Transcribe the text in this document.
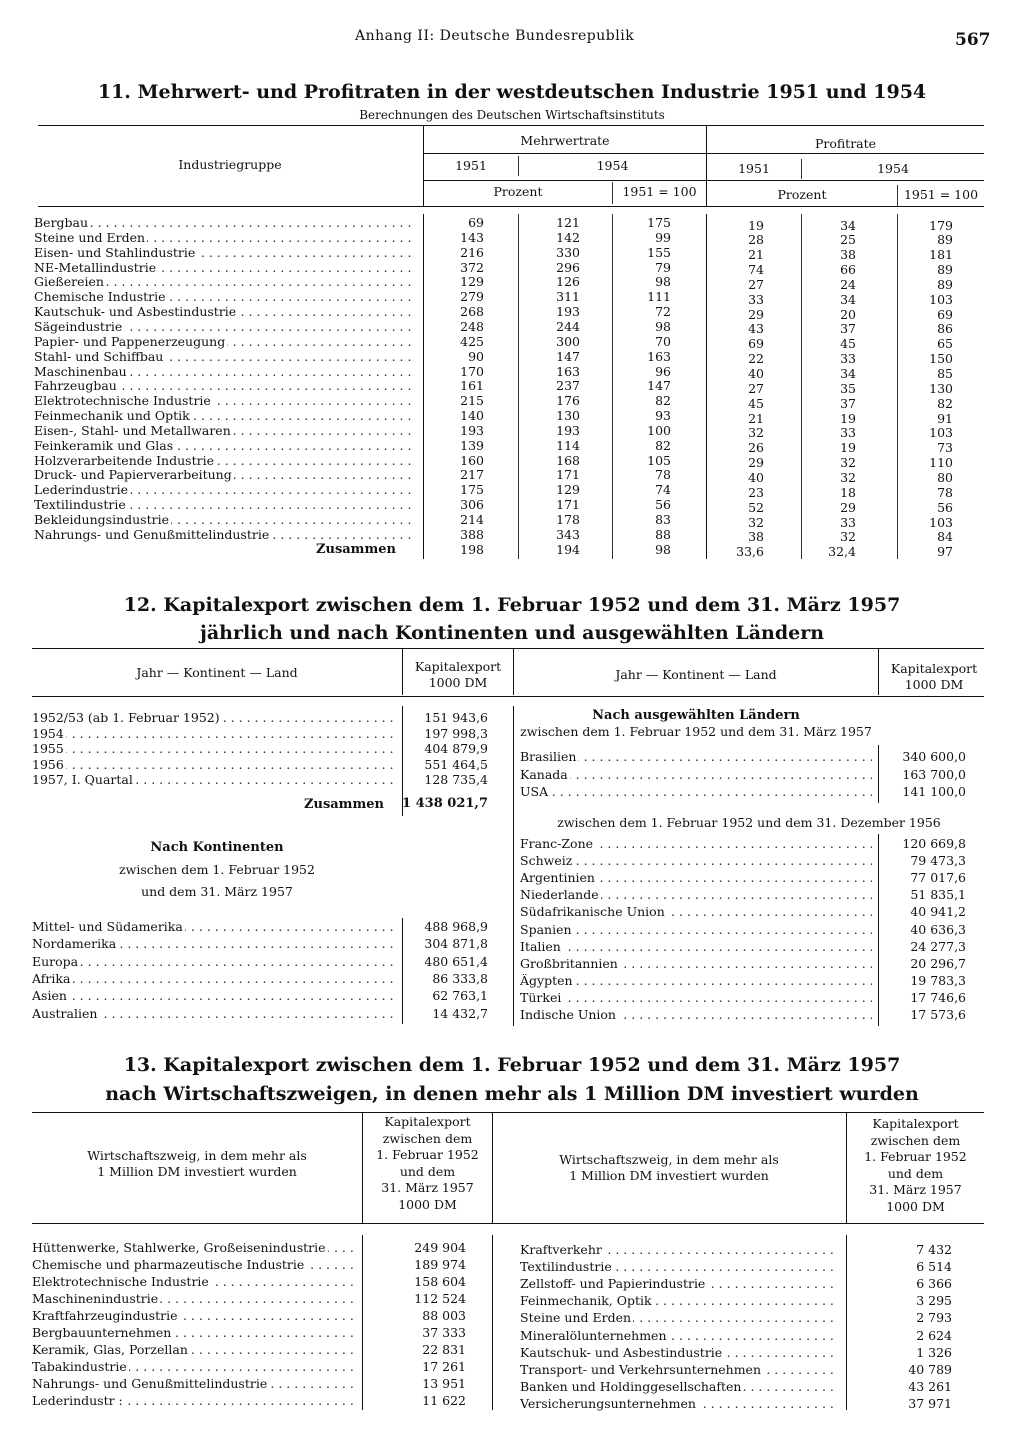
Anhang II: Deutsche Bundesrepublik	567
11. Mehrwert- und Profitraten in der westdeutschen Industrie 1951 und 1954
Berechnungen des Deutschen Wirtschaftsinstituts
Industriegruppe
Mehrwertrate	Profitrate
1951	1954	1951	1954
Prozent	1951 = 100	Prozent	1951 = 100
Bergbau . . .	69	121	175	19	34	179
Steine und Erden . . .	143	142	99	28	25	89
Eisen- und Stahlindustrie . . .	216	330	155	21	38	181
NE-Metallindustrie . . .	372	296	79	74	66	89
Gießereien . . .	129	126	98	27	24	89
Chemische Industrie . . .	279	311	111	33	34	103
Kautschuk- und Asbestindustrie . . .	268	193	72	29	20	69
Sägeindustrie . . .	248	244	98	43	37	86
Papier- und Pappenerzeugung . . .	425	300	70	69	45	65
Stahl- und Schiffbau . . .	90	147	163	22	33	150
Maschinenbau . . .	170	163	96	40	34	85
Fahrzeugbau . . .	161	237	147	27	35	130
Elektrotechnische Industrie . . .	215	176	82	45	37	82
Feinmechanik und Optik . . .	140	130	93	21	19	91
Eisen-, Stahl- und Metallwaren . . .	193	193	100	32	33	103
Feinkeramik und Glas . . .	139	114	82	26	19	73
Holzverarbeitende Industrie . . .	160	168	105	29	32	110
Druck- und Papierverarbeitung . . .	217	171	78	40	32	80
Lederindustrie . . .	175	129	74	23	18	78
Textilindustrie . . .	306	171	56	52	29	56
Bekleidungsindustrie . . .	214	178	83	32	33	103
Nahrungs- und Genußmittelindustrie . . .	388	343	88	38	32	84
Zusammen	198	194	98	33,6	32,4	97
12. Kapitalexport zwischen dem 1. Februar 1952 und dem 31. März 1957
jährlich und nach Kontinenten und ausgewählten Ländern
Jahr — Kontinent — Land	Kapitalexport
1000 DM
Jahr — Kontinent — Land	Kapitalexport
1000 DM
Nach ausgewählten Ländern
zwischen dem 1. Februar 1952 und dem 31. März 1957
zwischen dem 1. Februar 1952 und dem 31. Dezember 1956
Nach Kontinenten
zwischen dem 1. Februar 1952
und dem 31. März 1957
1952/53 (ab 1. Februar 1952) . . .	151 943,6
1954 . . .	197 998,3
1955 . . .	404 879,9
1956 . . .	551 464,5
1957, I. Quartal . . .	128 735,4
Zusammen	1 438 021,7
Mittel- und Südamerika . . .	488 968,9
Nordamerika . . .	304 871,8
Europa . . .	480 651,4
Afrika . . .	86 333,8
Asien . . .	62 763,1
Australien . . .	14 432,7
Brasilien . . .	340 600,0
Kanada . . .	163 700,0
USA . . .	141 100,0
Franc-Zone . . .	120 669,8
Schweiz . . .	79 473,3
Argentinien . . .	77 017,6
Niederlande . . .	51 835,1
Südafrikanische Union . . .	40 941,2
Spanien . . .	40 636,3
Italien . . .	24 277,3
Großbritannien . . .	20 296,7
Ägypten . . .	19 783,3
Türkei . . .	17 746,6
Indische Union . . .	17 573,6
13. Kapitalexport zwischen dem 1. Februar 1952 und dem 31. März 1957
nach Wirtschaftszweigen, in denen mehr als 1 Million DM investiert wurden
Wirtschaftszweig, in dem mehr als
1 Million DM investiert wurden
Wirtschaftszweig, in dem mehr als
1 Million DM investiert wurden
Kapitalexport
zwischen dem
1. Februar 1952
und dem
31. März 1957
1000 DM
Kapitalexport
zwischen dem
1. Februar 1952
und dem
31. März 1957
1000 DM
Hüttenwerke, Stahlwerke, Großeisenindustrie . . .	249 904
Chemische und pharmazeutische Industrie . . .	189 974
Elektrotechnische Industrie . . .	158 604
Maschinenindustrie . . .	112 524
Kraftfahrzeugindustrie . . .	88 003
Bergbauunternehmen . . .	37 333
Keramik, Glas, Porzellan . . .	22 831
Tabakindustrie . . .	17 261
Nahrungs- und Genußmittelindustrie . . .	13 951
Lederindustr : . . .	11 622
Kraftverkehr . . .	7 432
Textilindustrie . . .	6 514
Zellstoff- und Papierindustrie . . .	6 366
Feinmechanik, Optik . . .	3 295
Steine und Erden . . .	2 793
Mineralölunternehmen . . .	2 624
Kautschuk- und Asbestindustrie . . .	1 326
Transport- und Verkehrsunternehmen . . .	40 789
Banken und Holdinggesellschaften . . .	43 261
Versicherungsunternehmen . . .	37 971
